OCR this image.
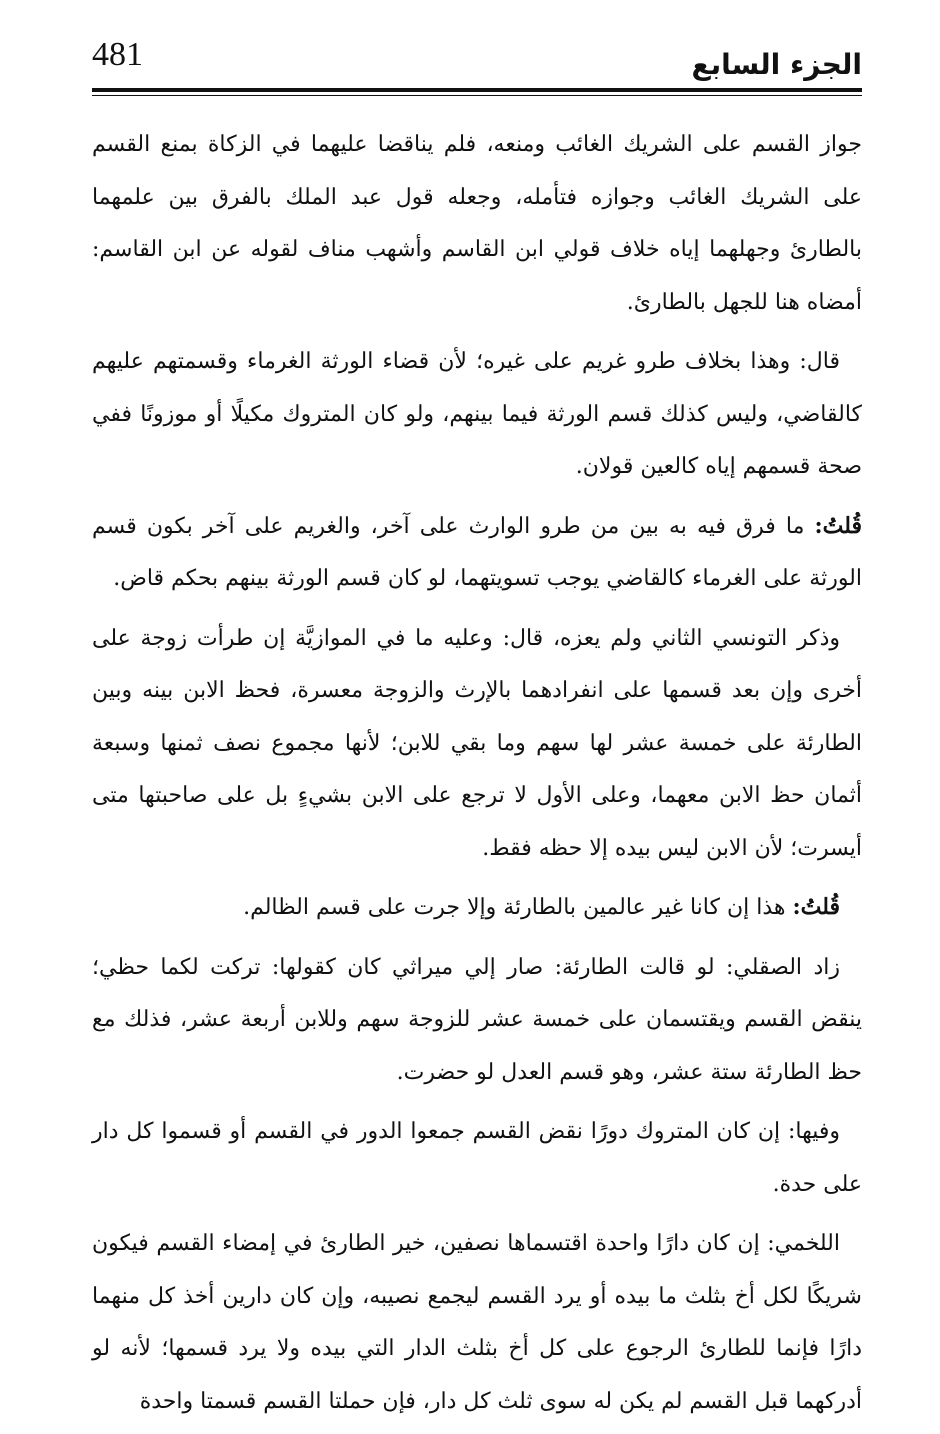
481	الجزء السابع

جواز القسم على الشريك الغائب ومنعه، فلم يناقضا عليهما في الزكاة بمنع القسم على الشريك الغائب وجوازه فتأمله، وجعله قول عبد الملك بالفرق بين علمهما بالطارئ وجهلهما إياه خلاف قولي ابن القاسم وأشهب مناف لقوله عن ابن القاسم: أمضاه هنا للجهل بالطارئ.

قال: وهذا بخلاف طرو غريم على غيره؛ لأن قضاء الورثة الغرماء وقسمتهم عليهم كالقاضي، وليس كذلك قسم الورثة فيما بينهم، ولو كان المتروك مكيلًا أو موزونًا ففي صحة قسمهم إياه كالعين قولان.

قُلتُ: ما فرق فيه به بين من طرو الوارث على آخر، والغريم على آخر بكون قسم الورثة على الغرماء كالقاضي يوجب تسويتهما، لو كان قسم الورثة بينهم بحكم قاض.

وذكر التونسي الثاني ولم يعزه، قال: وعليه ما في الموازيَّة إن طرأت زوجة على أخرى وإن بعد قسمها على انفرادهما بالإرث والزوجة معسرة، فحظ الابن بينه وبين الطارئة على خمسة عشر لها سهم وما بقي للابن؛ لأنها مجموع نصف ثمنها وسبعة أثمان حظ الابن معهما، وعلى الأول لا ترجع على الابن بشيءٍ بل على صاحبتها متى أيسرت؛ لأن الابن ليس بيده إلا حظه فقط.

قُلتُ: هذا إن كانا غير عالمين بالطارئة وإلا جرت على قسم الظالم.

زاد الصقلي: لو قالت الطارئة: صار إلي ميراثي كان كقولها: تركت لكما حظي؛ ينقض القسم ويقتسمان على خمسة عشر للزوجة سهم وللابن أربعة عشر، فذلك مع حظ الطارئة ستة عشر، وهو قسم العدل لو حضرت.

وفيها: إن كان المتروك دورًا نقض القسم جمعوا الدور في القسم أو قسموا كل دار على حدة.

اللخمي: إن كان دارًا واحدة اقتسماها نصفين، خير الطارئ في إمضاء القسم فيكون شريكًا لكل أخ بثلث ما بيده أو يرد القسم ليجمع نصيبه، وإن كان دارين أخذ كل منهما دارًا فإنما للطارئ الرجوع على كل أخ بثلث الدار التي بيده ولا يرد قسمها؛ لأنه لو أدركهما قبل القسم لم يكن له سوى ثلث كل دار، فإن حملتا القسم قسمتا واحدة
